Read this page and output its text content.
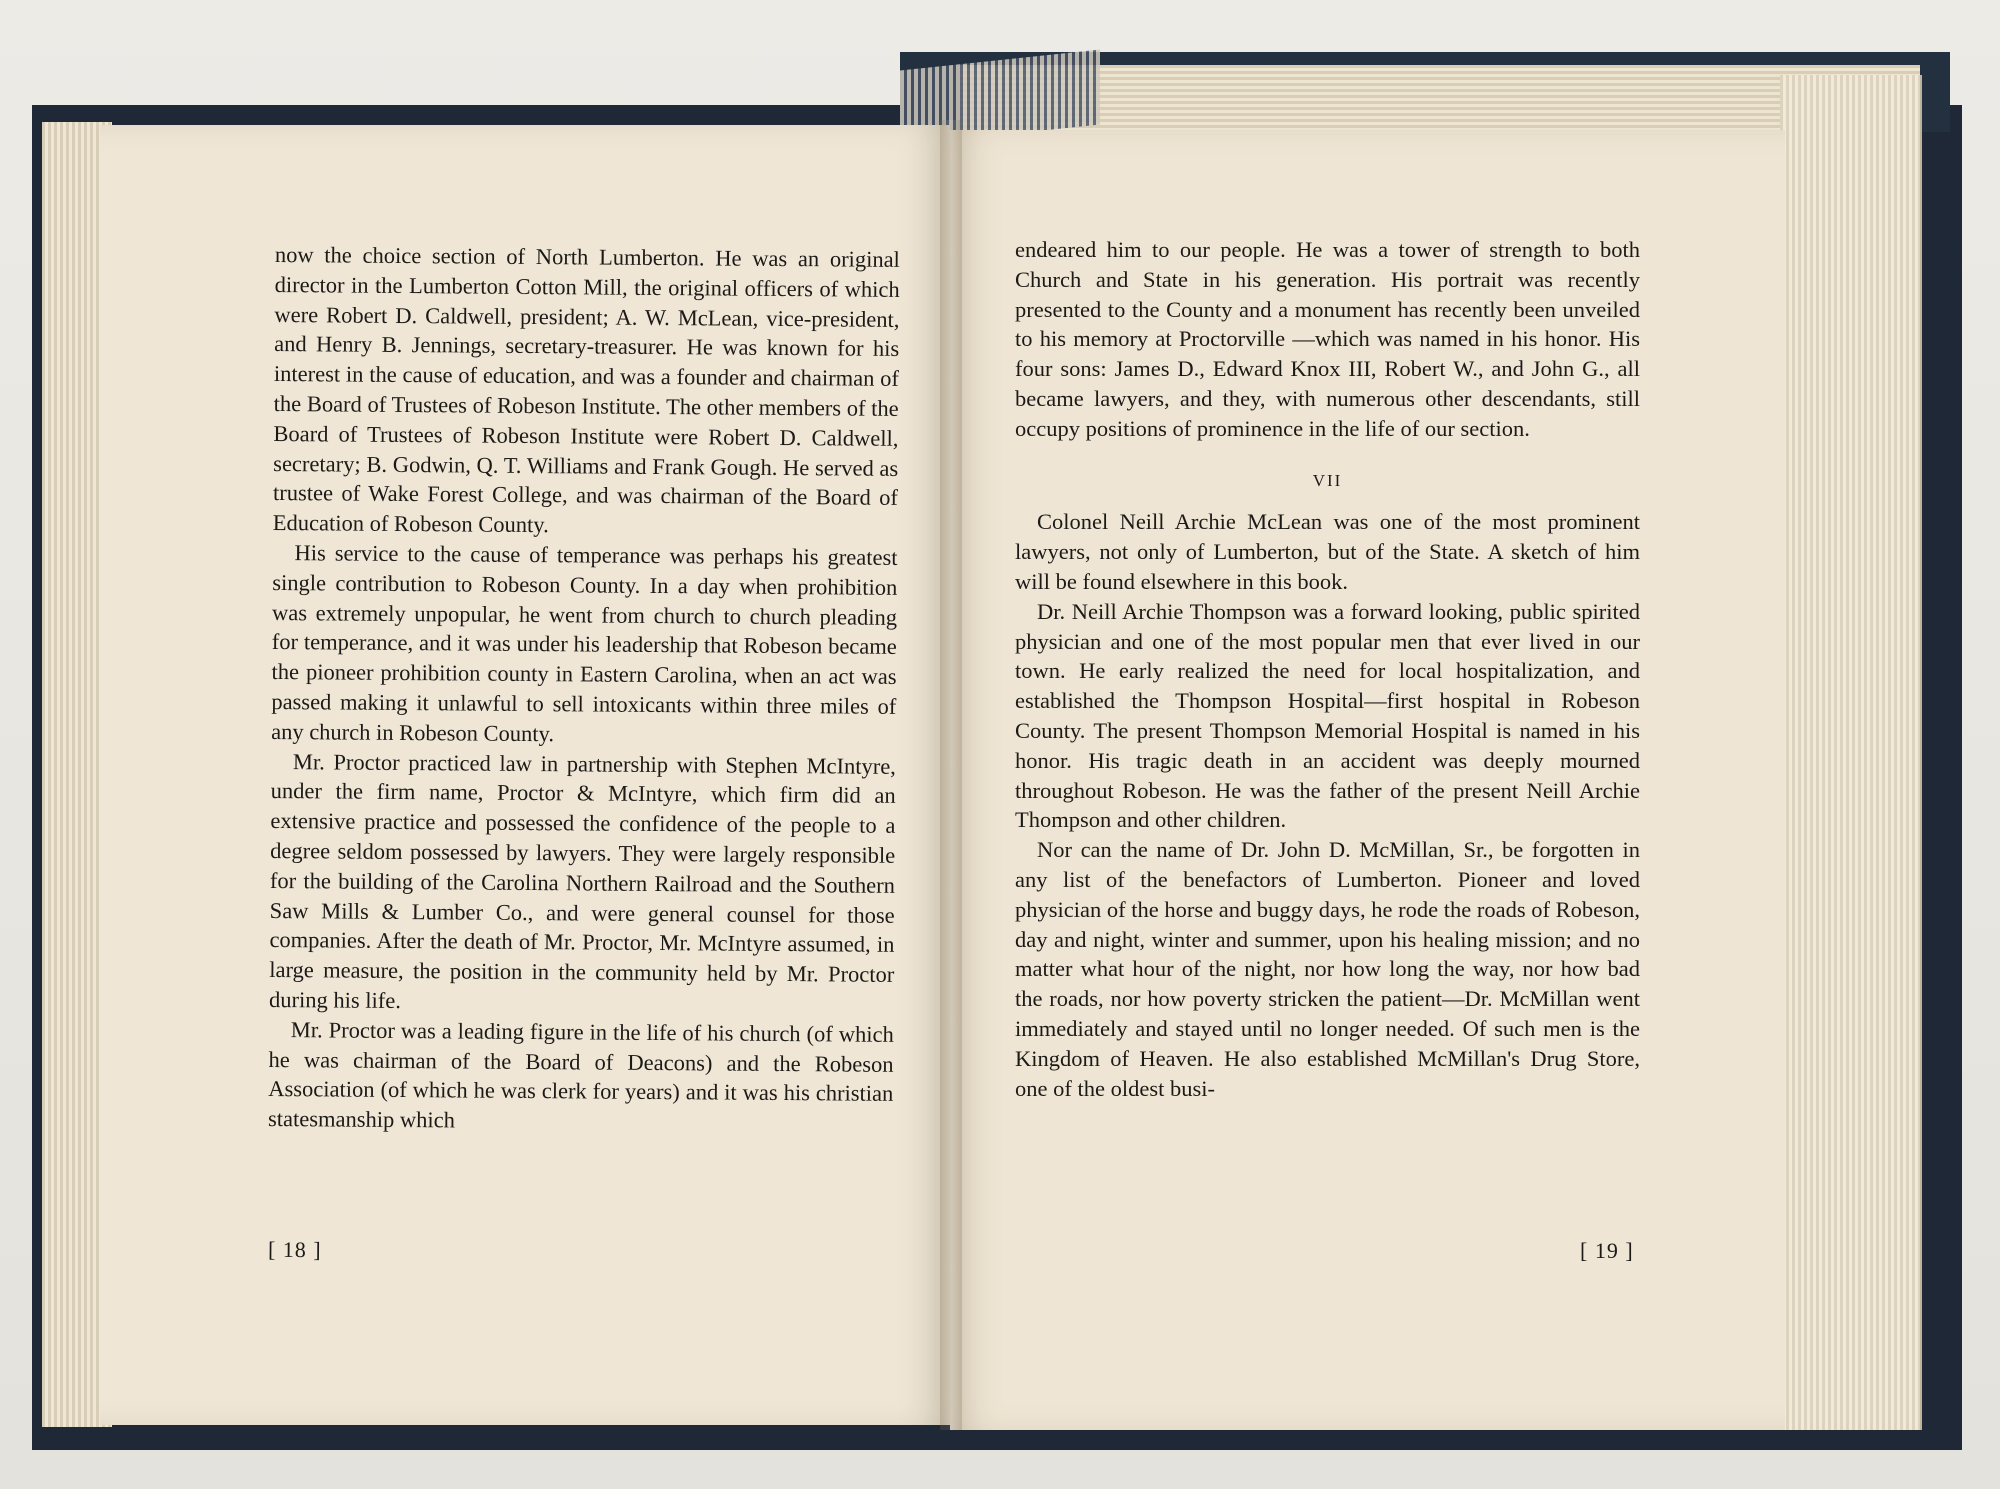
now the choice section of North Lumberton. He was an original director in the Lumberton Cotton Mill, the original officers of which were Robert D. Caldwell, president; A. W. McLean, vice-president, and Henry B. Jennings, secretary-treasurer. He was known for his interest in the cause of education, and was a founder and chairman of the Board of Trustees of Robeson Institute. The other members of the Board of Trustees of Robeson Institute were Robert D. Caldwell, secretary; B. Godwin, Q. T. Williams and Frank Gough. He served as trustee of Wake Forest College, and was chairman of the Board of Education of Robeson County.

His service to the cause of temperance was perhaps his greatest single contribution to Robeson County. In a day when prohibition was extremely unpopular, he went from church to church pleading for temperance, and it was under his leadership that Robeson became the pioneer prohibition county in Eastern Carolina, when an act was passed making it unlawful to sell intoxicants within three miles of any church in Robeson County.

Mr. Proctor practiced law in partnership with Stephen McIntyre, under the firm name, Proctor & McIntyre, which firm did an extensive practice and possessed the confidence of the people to a degree seldom possessed by lawyers. They were largely responsible for the building of the Carolina Northern Railroad and the Southern Saw Mills & Lumber Co., and were general counsel for those companies. After the death of Mr. Proctor, Mr. McIntyre assumed, in large measure, the position in the community held by Mr. Proctor during his life.

Mr. Proctor was a leading figure in the life of his church (of which he was chairman of the Board of Deacons) and the Robeson Association (of which he was clerk for years) and it was his christian statesmanship which

[ 18 ]

endeared him to our people. He was a tower of strength to both Church and State in his generation. His portrait was recently presented to the County and a monument has recently been unveiled to his memory at Proctorville —which was named in his honor. His four sons: James D., Edward Knox III, Robert W., and John G., all became lawyers, and they, with numerous other descendants, still occupy positions of prominence in the life of our section.

VII

Colonel Neill Archie McLean was one of the most prominent lawyers, not only of Lumberton, but of the State. A sketch of him will be found elsewhere in this book.

Dr. Neill Archie Thompson was a forward looking, public spirited physician and one of the most popular men that ever lived in our town. He early realized the need for local hospitalization, and established the Thompson Hospital—first hospital in Robeson County. The present Thompson Memorial Hospital is named in his honor. His tragic death in an accident was deeply mourned throughout Robeson. He was the father of the present Neill Archie Thompson and other children.

Nor can the name of Dr. John D. McMillan, Sr., be forgotten in any list of the benefactors of Lumberton. Pioneer and loved physician of the horse and buggy days, he rode the roads of Robeson, day and night, winter and summer, upon his healing mission; and no matter what hour of the night, nor how long the way, nor how bad the roads, nor how poverty stricken the patient—Dr. McMillan went immediately and stayed until no longer needed. Of such men is the Kingdom of Heaven. He also established McMillan's Drug Store, one of the oldest busi-

[ 19 ]
